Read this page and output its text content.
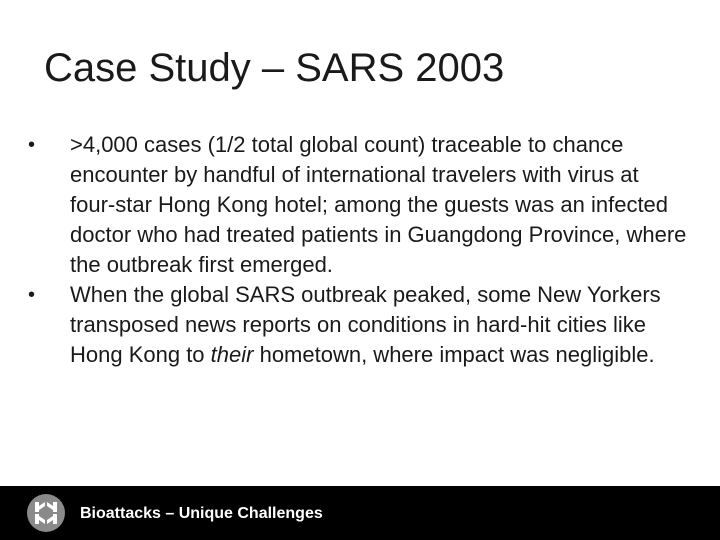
Case Study – SARS 2003
•	>4,000 cases (1/2 total global count) traceable to chance encounter by handful of international travelers with virus at four-star Hong Kong hotel; among the guests was an infected doctor who had treated patients in Guangdong Province, where the outbreak first emerged.
•	When the global SARS outbreak peaked, some New Yorkers transposed news reports on conditions in hard-hit cities like Hong Kong to their hometown, where impact was negligible.
Bioattacks – Unique Challenges
